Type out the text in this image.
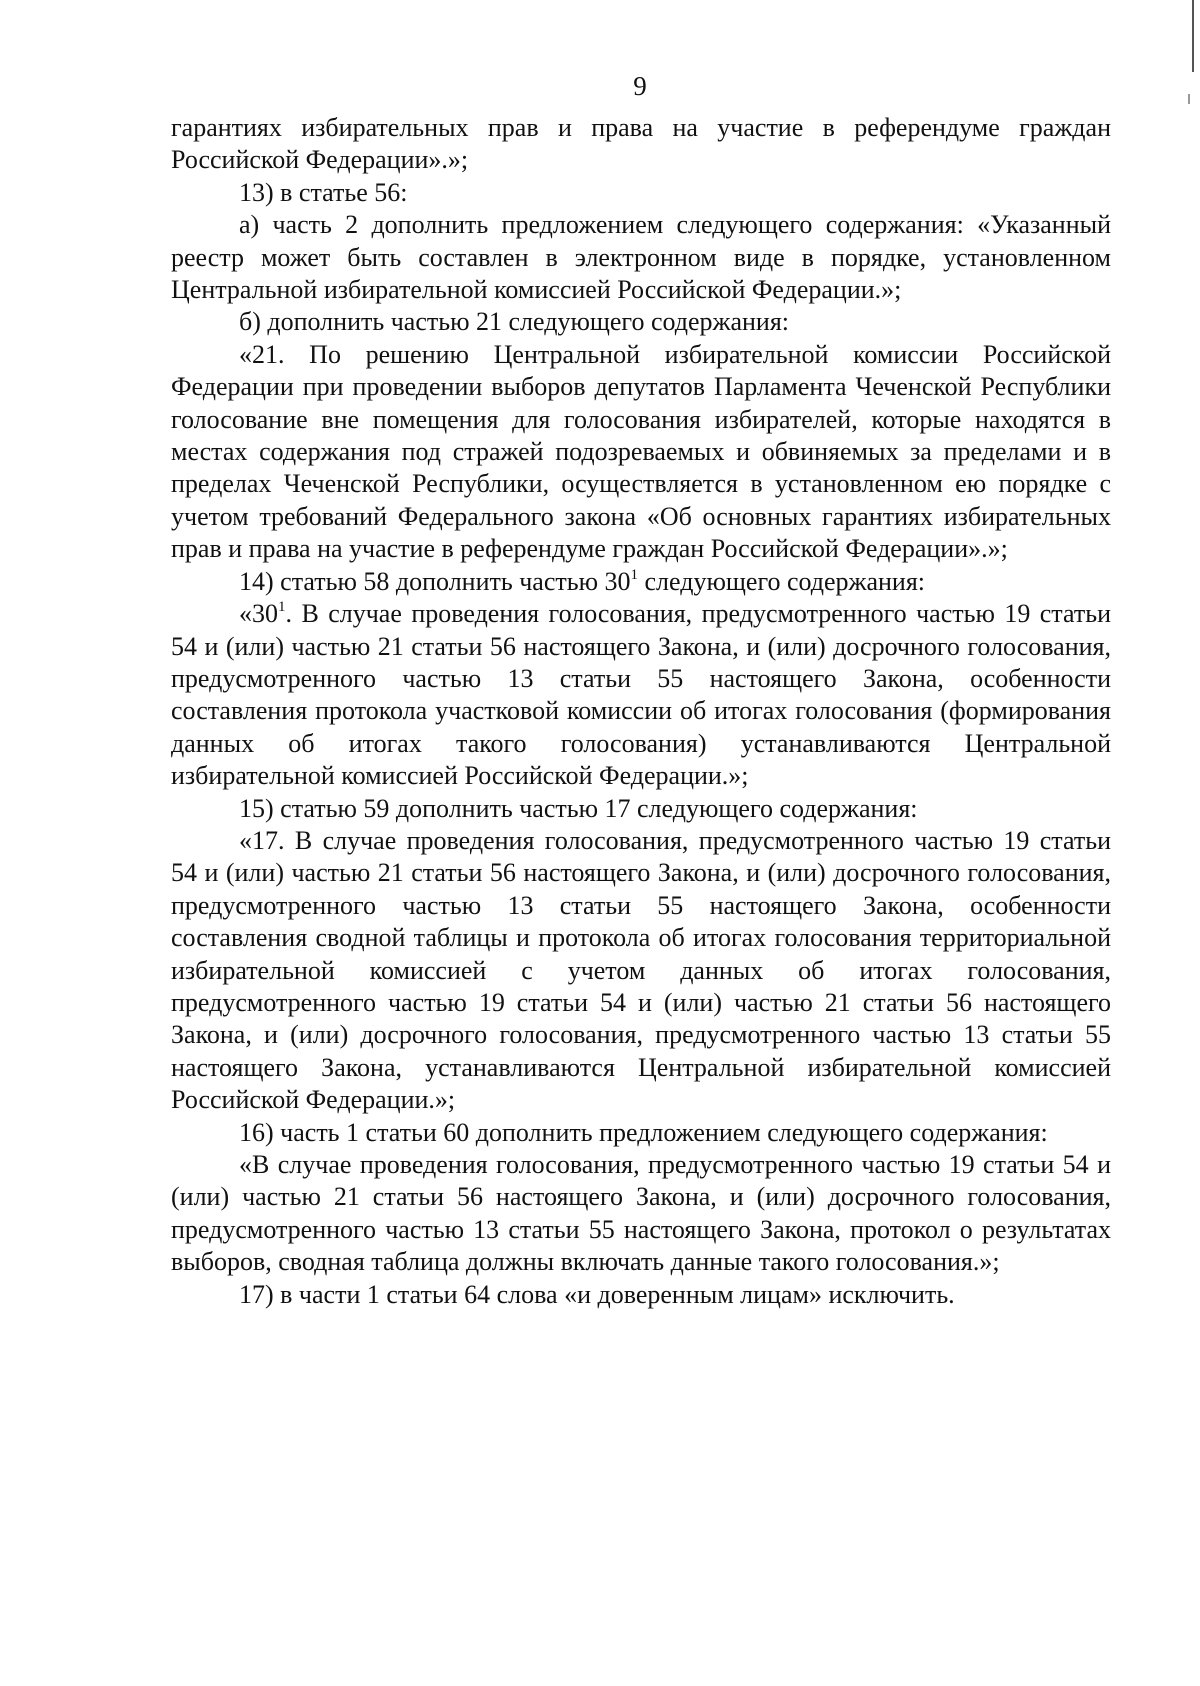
9

гарантиях избирательных прав и права на участие в референдуме граждан Российской Федерации».»;

13) в статье 56:

а) часть 2 дополнить предложением следующего содержания: «Указанный реестр может быть составлен в электронном виде в порядке, установленном Центральной избирательной комиссией Российской Федерации.»;

б) дополнить частью 21 следующего содержания:

«21. По решению Центральной избирательной комиссии Российской Федерации при проведении выборов депутатов Парламента Чеченской Республики голосование вне помещения для голосования избирателей, которые находятся в местах содержания под стражей подозреваемых и обвиняемых за пределами и в пределах Чеченской Республики, осуществляется в установленном ею порядке с учетом требований Федерального закона «Об основных гарантиях избирательных прав и права на участие в референдуме граждан Российской Федерации».»;

14) статью 58 дополнить частью $30^1$ следующего содержания:

«$30^1$. В случае проведения голосования, предусмотренного частью 19 статьи 54 и (или) частью 21 статьи 56 настоящего Закона, и (или) досрочного голосования, предусмотренного частью 13 статьи 55 настоящего Закона, особенности составления протокола участковой комиссии об итогах голосования (формирования данных об итогах такого голосования) устанавливаются Центральной избирательной комиссией Российской Федерации.»;

15) статью 59 дополнить частью 17 следующего содержания:

«17. В случае проведения голосования, предусмотренного частью 19 статьи 54 и (или) частью 21 статьи 56 настоящего Закона, и (или) досрочного голосования, предусмотренного частью 13 статьи 55 настоящего Закона, особенности составления сводной таблицы и протокола об итогах голосования территориальной избирательной комиссией с учетом данных об итогах голосования, предусмотренного частью 19 статьи 54 и (или) частью 21 статьи 56 настоящего Закона, и (или) досрочного голосования, предусмотренного частью 13 статьи 55 настоящего Закона, устанавливаются Центральной избирательной комиссией Российской Федерации.»;

16) часть 1 статьи 60 дополнить предложением следующего содержания:

«В случае проведения голосования, предусмотренного частью 19 статьи 54 и (или) частью 21 статьи 56 настоящего Закона, и (или) досрочного голосования, предусмотренного частью 13 статьи 55 настоящего Закона, протокол о результатах выборов, сводная таблица должны включать данные такого голосования.»;

17) в части 1 статьи 64 слова «и доверенным лицам» исключить.
